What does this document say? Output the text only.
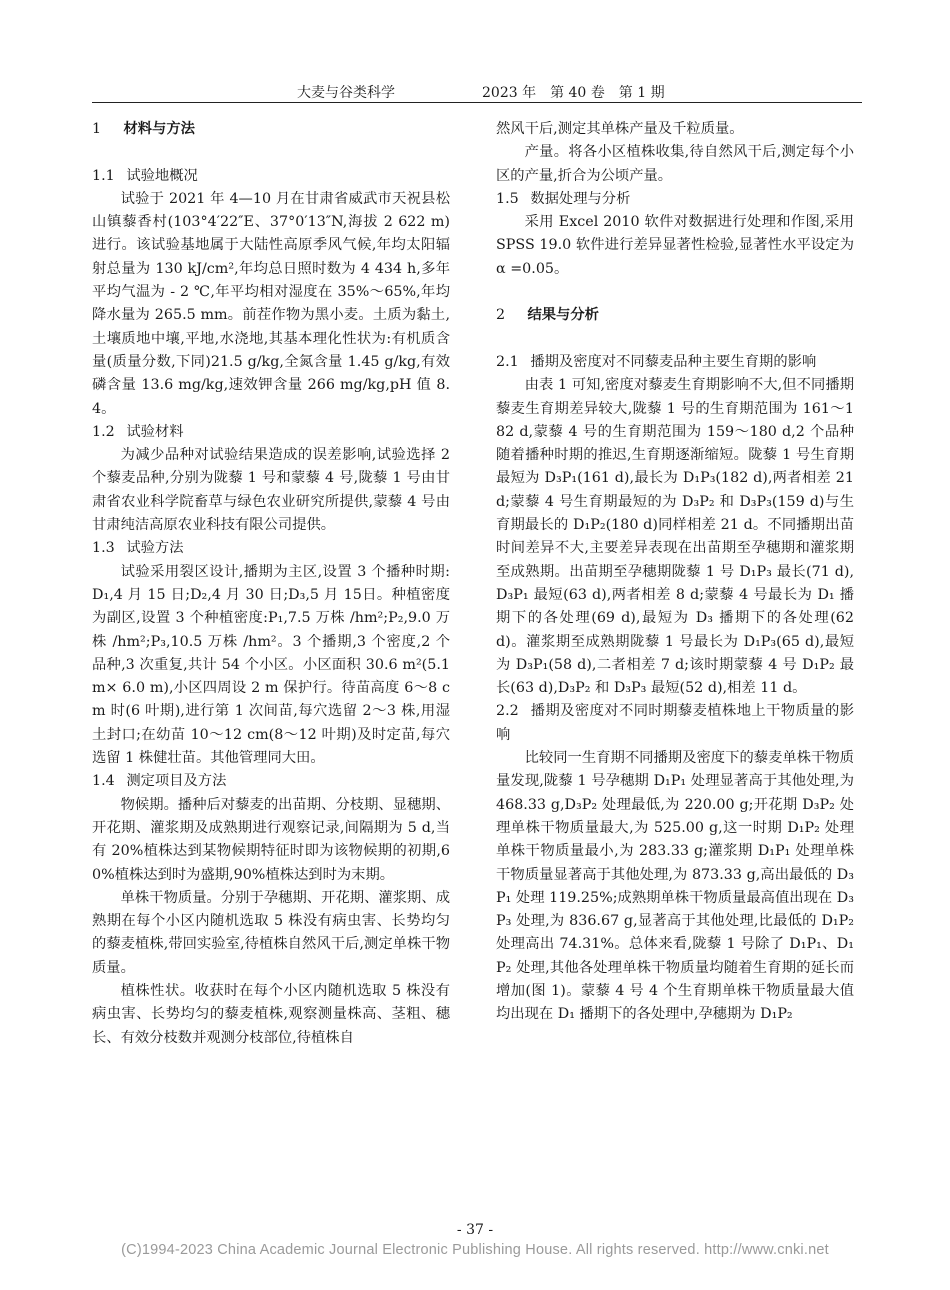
大麦与谷类科学	2023 年　第 40 卷　第 1 期

1 材料与方法

1.1 试验地概况

试验于 2021 年 4—10 月在甘肃省威武市天祝县松山镇藜香村(103°4′22″E、37°0′13″N,海拔 2 622 m)进行。该试验基地属于大陆性高原季风气候,年均太阳辐射总量为 130 kJ/cm²,年均总日照时数为 4 434 h,多年平均气温为 - 2 ℃,年平均相对湿度在 35%～65%,年均降水量为 265.5 mm。前茬作物为黑小麦。土质为黏土,土壤质地中壤,平地,水浇地,其基本理化性状为:有机质含量(质量分数,下同)21.5 g/kg,全氮含量 1.45 g/kg,有效磷含量 13.6 mg/kg,速效钾含量 266 mg/kg,pH 值 8.4。

1.2 试验材料

为减少品种对试验结果造成的误差影响,试验选择 2 个藜麦品种,分别为陇藜 1 号和蒙藜 4 号,陇藜 1 号由甘肃省农业科学院畜草与绿色农业研究所提供,蒙藜 4 号由甘肃纯洁高原农业科技有限公司提供。

1.3 试验方法

试验采用裂区设计,播期为主区,设置 3 个播种时期:D₁,4 月 15 日;D₂,4 月 30 日;D₃,5 月 15日。种植密度为副区,设置 3 个种植密度:P₁,7.5 万株 /hm²;P₂,9.0 万株 /hm²;P₃,10.5 万株 /hm²。3 个播期,3 个密度,2 个品种,3 次重复,共计 54 个小区。小区面积 30.6 m²(5.1 m× 6.0 m),小区四周设 2 m 保护行。待苗高度 6～8 cm 时(6 叶期),进行第 1 次间苗,每穴选留 2～3 株,用湿土封口;在幼苗 10～12 cm(8～12 叶期)及时定苗,每穴选留 1 株健壮苗。其他管理同大田。

1.4 测定项目及方法

物候期。播种后对藜麦的出苗期、分枝期、显穗期、开花期、灌浆期及成熟期进行观察记录,间隔期为 5 d,当有 20%植株达到某物候期特征时即为该物候期的初期,60%植株达到时为盛期,90%植株达到时为末期。

单株干物质量。分别于孕穗期、开花期、灌浆期、成熟期在每个小区内随机选取 5 株没有病虫害、长势均匀的藜麦植株,带回实验室,待植株自然风干后,测定单株干物质量。

植株性状。收获时在每个小区内随机选取 5 株没有病虫害、长势均匀的藜麦植株,观察测量株高、茎粗、穗长、有效分枝数并观测分枝部位,待植株自

然风干后,测定其单株产量及千粒质量。

产量。将各小区植株收集,待自然风干后,测定每个小区的产量,折合为公顷产量。

1.5 数据处理与分析

采用 Excel 2010 软件对数据进行处理和作图,采用 SPSS 19.0 软件进行差异显著性检验,显著性水平设定为 α =0.05。

2 结果与分析

2.1 播期及密度对不同藜麦品种主要生育期的影响

由表 1 可知,密度对藜麦生育期影响不大,但不同播期藜麦生育期差异较大,陇藜 1 号的生育期范围为 161～182 d,蒙藜 4 号的生育期范围为 159～180 d,2 个品种随着播种时期的推迟,生育期逐渐缩短。陇藜 1 号生育期最短为 D₃P₁(161 d),最长为 D₁P₃(182 d),两者相差 21 d;蒙藜 4 号生育期最短的为 D₃P₂ 和 D₃P₃(159 d)与生育期最长的 D₁P₂(180 d)同样相差 21 d。不同播期出苗时间差异不大,主要差异表现在出苗期至孕穗期和灌浆期至成熟期。出苗期至孕穗期陇藜 1 号 D₁P₃ 最长(71 d),D₃P₁ 最短(63 d),两者相差 8 d;蒙藜 4 号最长为 D₁ 播期下的各处理(69 d),最短为 D₃ 播期下的各处理(62 d)。灌浆期至成熟期陇藜 1 号最长为 D₁P₃(65 d),最短为 D₃P₁(58 d),二者相差 7 d;该时期蒙藜 4 号 D₁P₂ 最长(63 d),D₃P₂ 和 D₃P₃ 最短(52 d),相差 11 d。

2.2 播期及密度对不同时期藜麦植株地上干物质量的影响

比较同一生育期不同播期及密度下的藜麦单株干物质量发现,陇藜 1 号孕穗期 D₁P₁ 处理显著高于其他处理,为 468.33 g,D₃P₂ 处理最低,为 220.00 g;开花期 D₃P₂ 处理单株干物质量最大,为 525.00 g,这一时期 D₁P₂ 处理单株干物质量最小,为 283.33 g;灌浆期 D₁P₁ 处理单株干物质量显著高于其他处理,为 873.33 g,高出最低的 D₃P₁ 处理 119.25%;成熟期单株干物质量最高值出现在 D₃P₃ 处理,为 836.67 g,显著高于其他处理,比最低的 D₁P₂ 处理高出 74.31%。总体来看,陇藜 1 号除了 D₁P₁、D₁P₂ 处理,其他各处理单株干物质量均随着生育期的延长而增加(图 1)。蒙藜 4 号 4 个生育期单株干物质量最大值均出现在 D₁ 播期下的各处理中,孕穗期为 D₁P₂

- 37 -
(C)1994-2023 China Academic Journal Electronic Publishing House. All rights reserved. http://www.cnki.net
